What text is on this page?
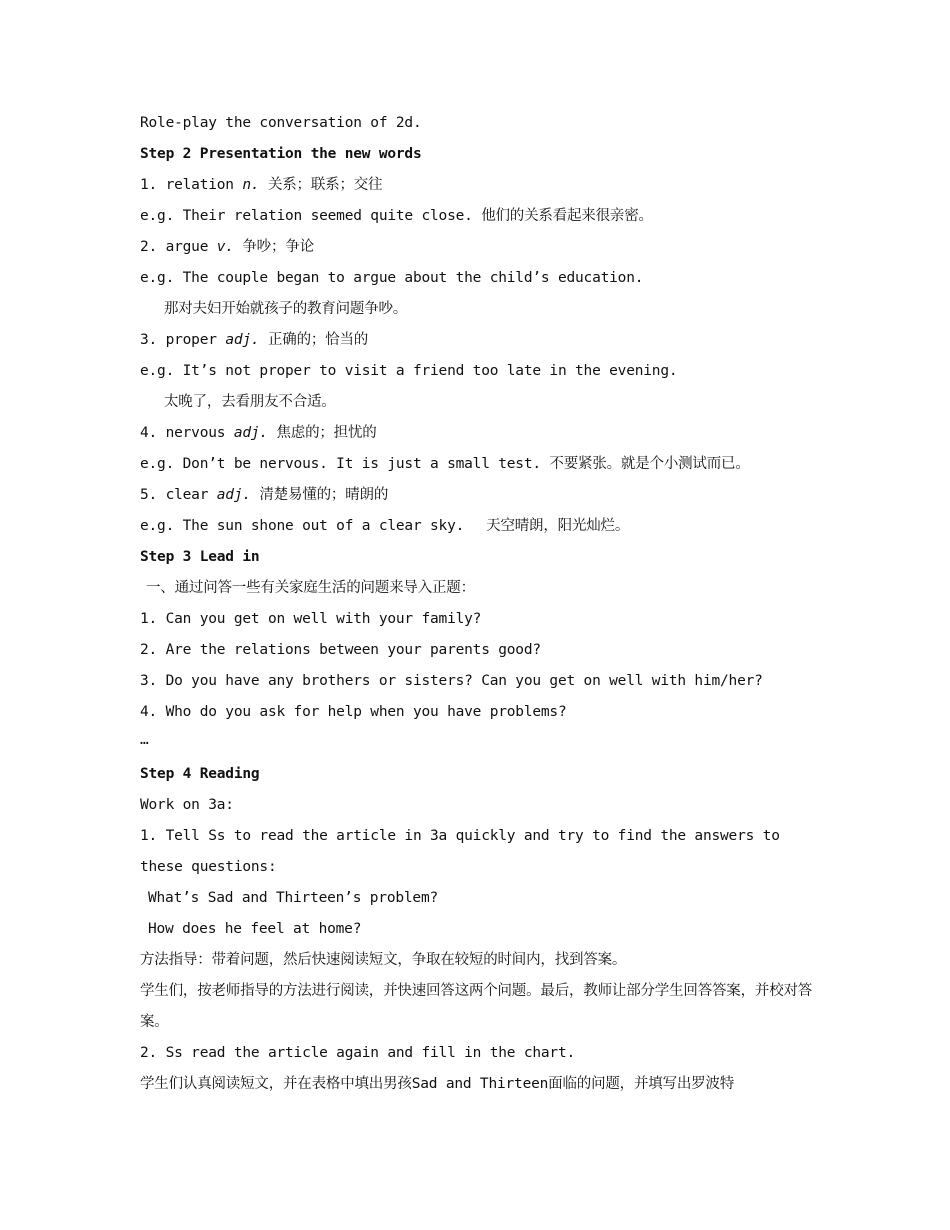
Role-play the conversation of 2d.
Step 2 Presentation the new words
1. relation n. 关系；联系；交往
e.g. Their relation seemed quite close. 他们的关系看起来很亲密。
2. argue v. 争吵；争论
e.g. The couple began to argue about the child’s education.
那对夫妇开始就孩子的教育问题争吵。
3. proper adj. 正确的；恰当的
e.g. It’s not proper to visit a friend too late in the evening.
太晚了，去看朋友不合适。
4. nervous adj. 焦虑的；担忧的
e.g. Don’t be nervous. It is just a small test. 不要紧张。就是个小测试而已。
5. clear adj. 清楚易懂的；晴朗的
e.g. The sun shone out of a clear sky. 天空晴朗，阳光灿烂。
Step 3 Lead in
一、通过问答一些有关家庭生活的问题来导入正题：
1. Can you get on well with your family?
2. Are the relations between your parents good?
3. Do you have any brothers or sisters? Can you get on well with him/her?
4. Who do you ask for help when you have problems?
…
Step 4 Reading
Work on 3a:
1. Tell Ss to read the article in 3a quickly and try to find the answers to these questions:
What’s Sad and Thirteen’s problem?
How does he feel at home?
方法指导：带着问题，然后快速阅读短文，争取在较短的时间内，找到答案。
学生们，按老师指导的方法进行阅读，并快速回答这两个问题。最后，教师让部分学生回答答案，并校对答案。
2. Ss read the article again and fill in the chart.
学生们认真阅读短文，并在表格中填出男孩Sad and Thirteen面临的问题，并填写出罗波特
